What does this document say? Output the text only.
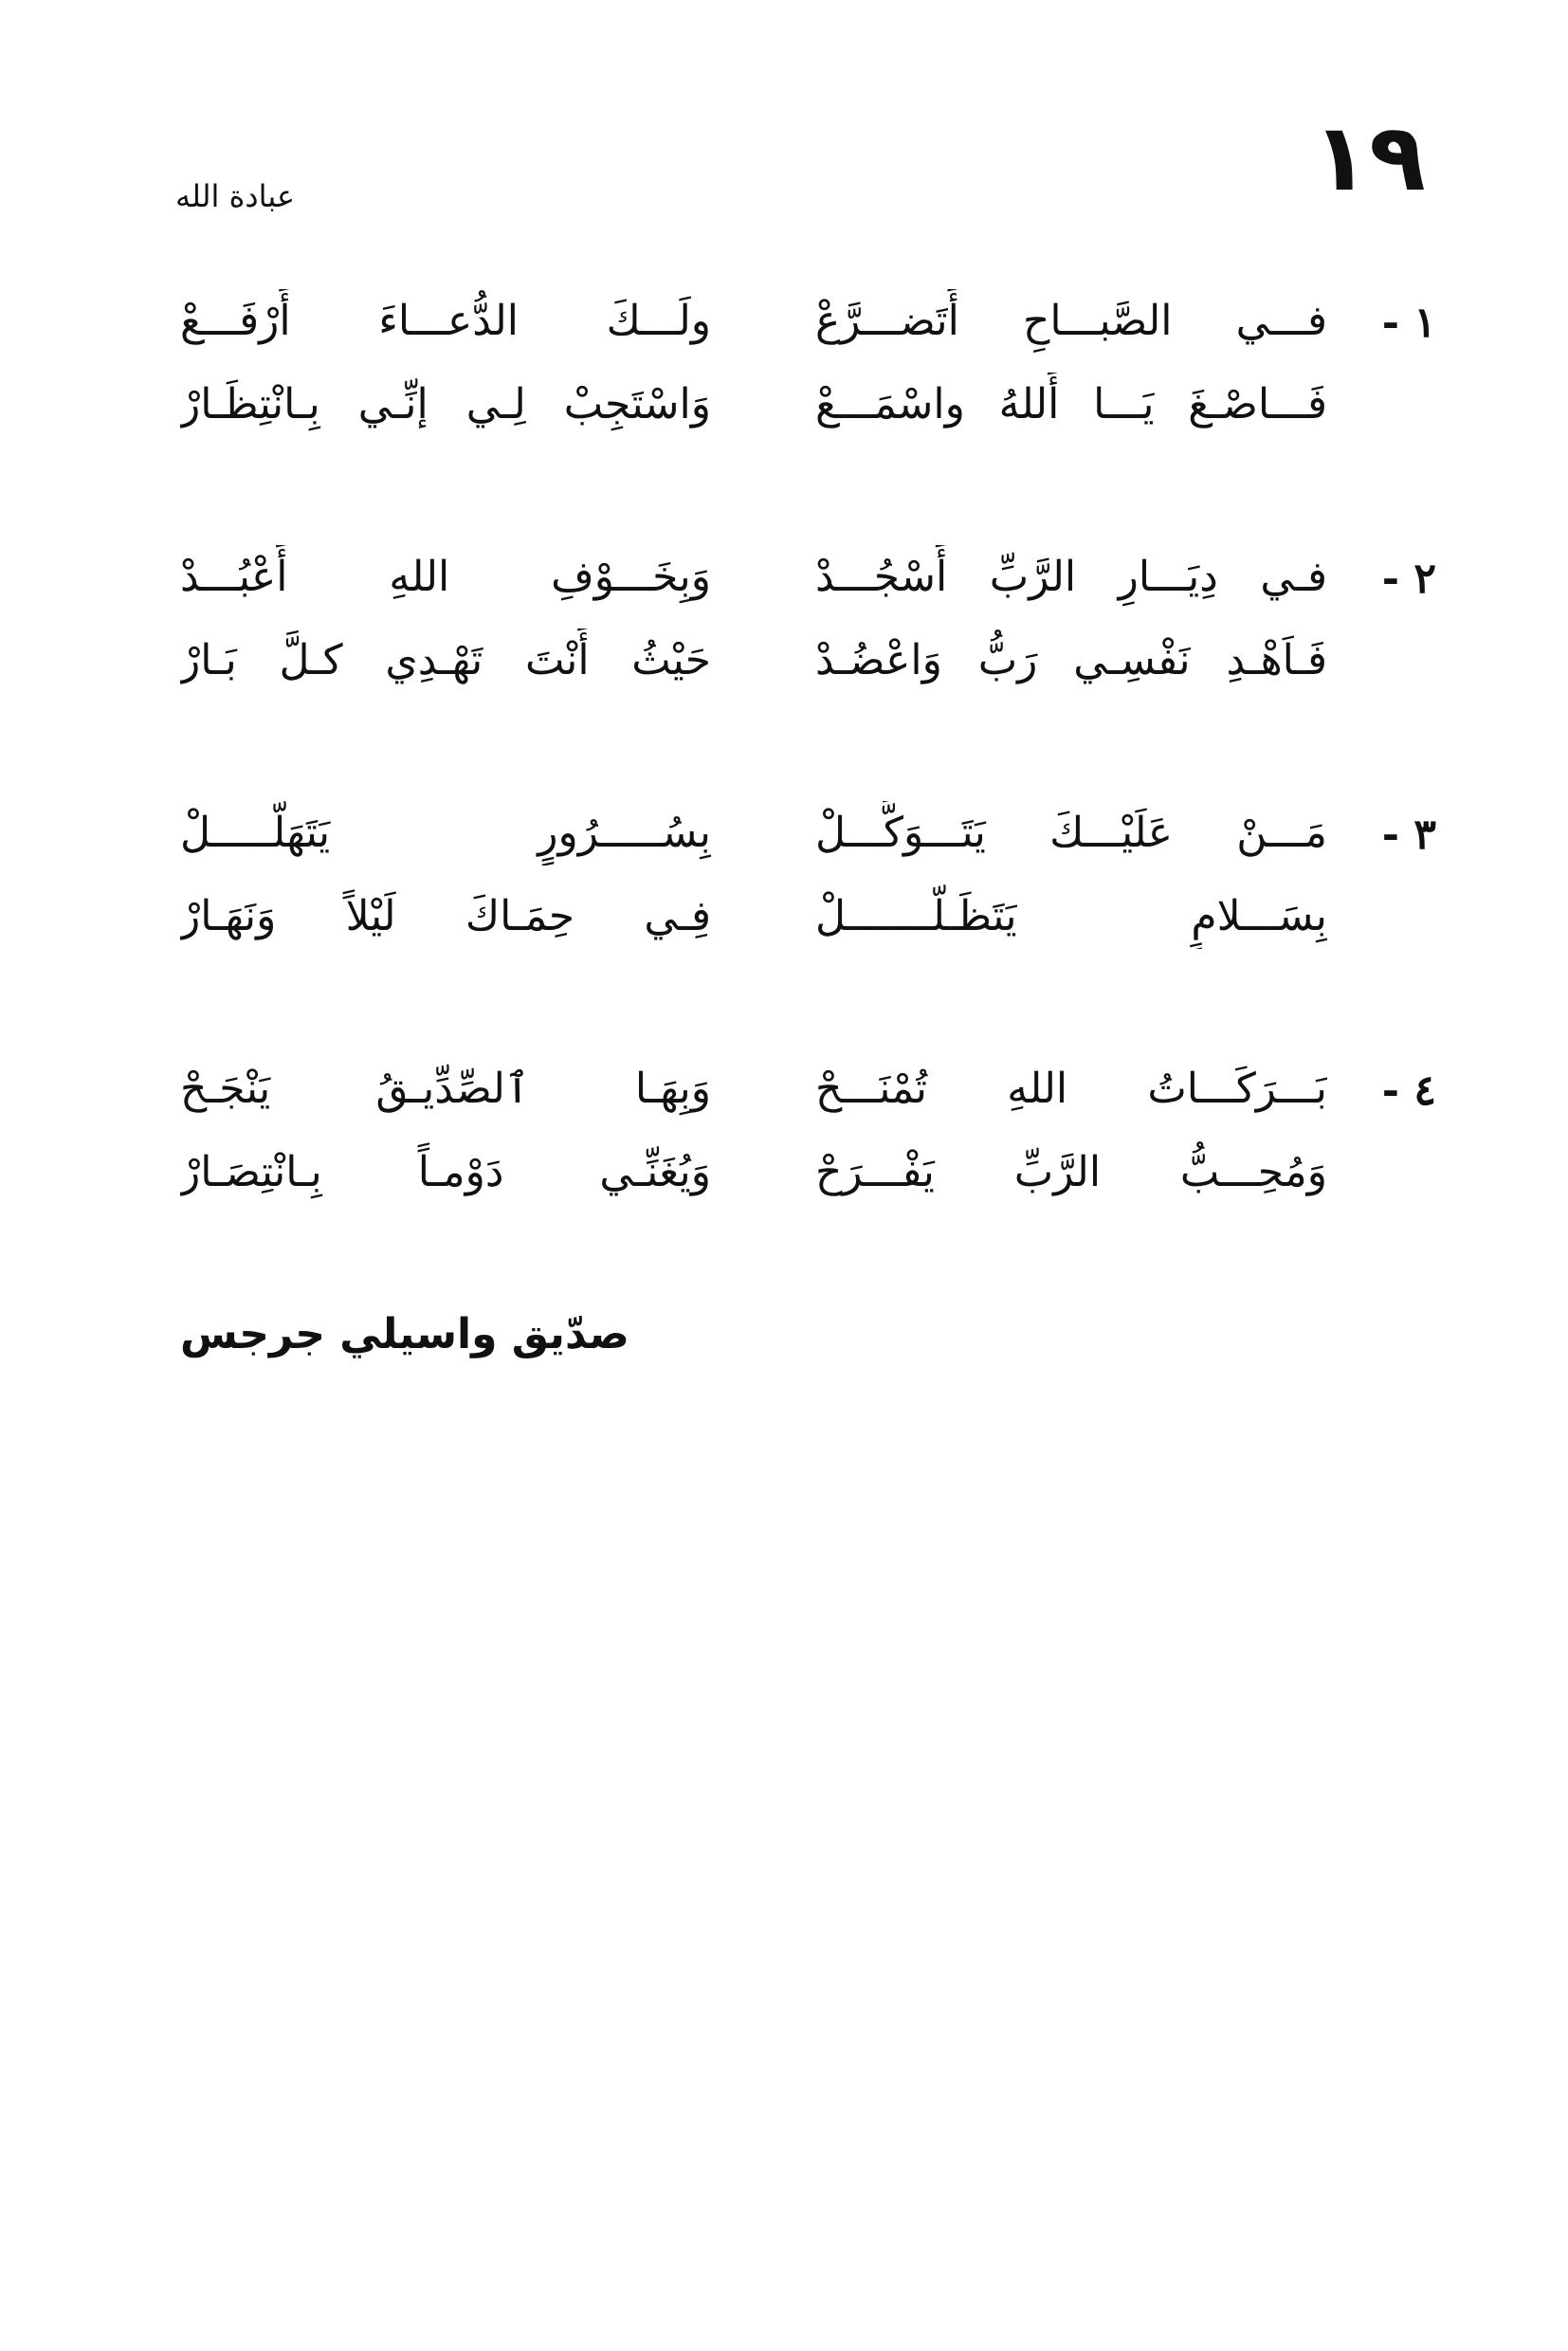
١٩
عبادة الله
١ -
فـــي الصَّبـــاحِ أَتَضـــرَّعْ
ولَـــكَ الدُّعـــاءَ أَرْفَـــعْ
فَـــاصْـغَ يَـــا أَللهُ واسْمَـــعْ
وَاسْتَجِبْ لِـي إنِّـي بِـانْتِظَـارْ
٢ -
فـي دِيَـــارِ الرَّبِّ أَسْجُـــدْ
وَبِخَـــوْفِ اللهِ أَعْبُـــدْ
فَـاَهْـدِ نَفْسِـي رَبُّ وَاعْضُـدْ
حَيْثُ أَنْتَ تَهْـدِي كـلَّ بَـارْ
٣ -
مَـــنْ عَلَيْـــكَ يَتَـــوَكَّـــلْ
بِسُـــــرُورٍ يَتَهَلَّـــــلْ
بِسَـــلامٍ يَتَظَـلَّـــــــلْ
فِـي حِمَـاكَ لَيْلاً وَنَهَـارْ
٤ -
بَـــرَكَـــاتُ اللهِ تُمْنَـــحْ
وَبِهَـا ٱلصِّدِّيـقُ يَنْجَـحْ
وَمُحِـــبُّ الرَّبِّ يَفْـــرَحْ
وَيُغَنِّـي دَوْمـاً بِـانْتِصَـارْ
صدّيق واسيلي جرجس
